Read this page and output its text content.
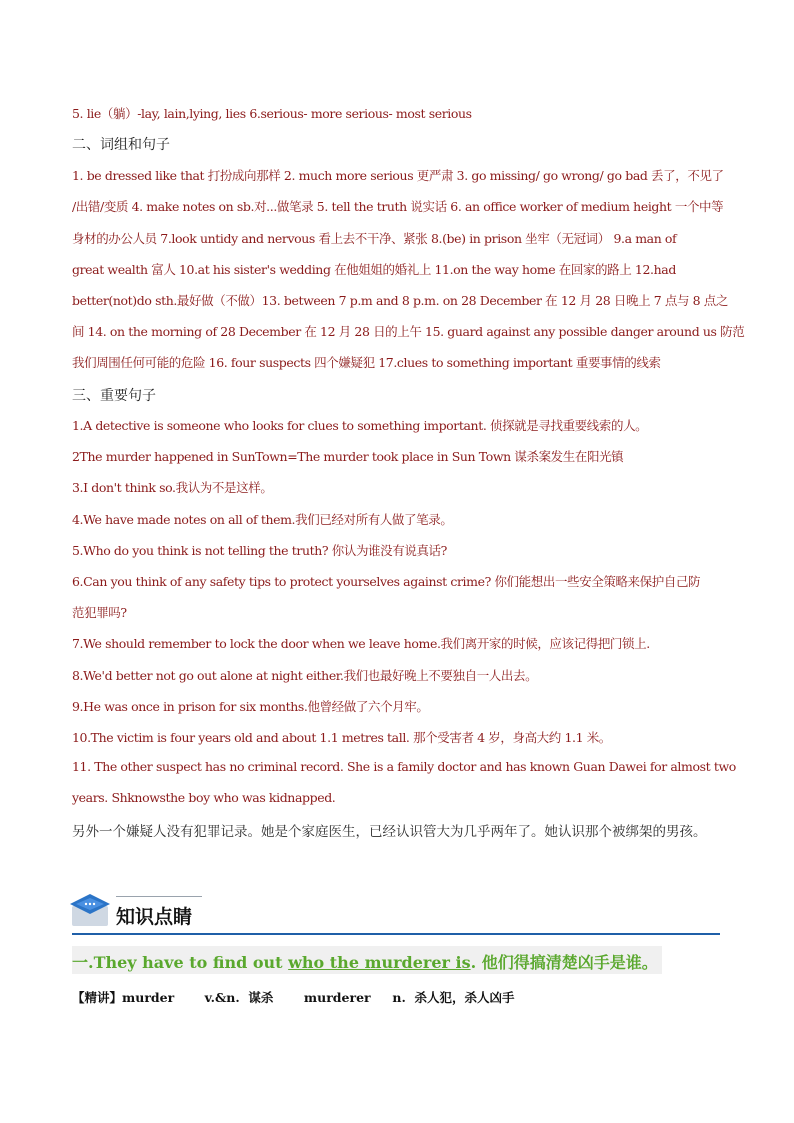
5. lie（躺）-lay, lain,lying, lies 6.serious- more serious- most serious
二、词组和句子
1. be dressed like that 打扮成向那样 2. much more serious 更严肃 3. go missing/ go wrong/ go bad 丢了，不见了
/出错/变质 4. make notes on sb.对...做笔录 5. tell the truth 说实话 6. an office worker of medium height 一个中等
身材的办公人员 7.look untidy and nervous 看上去不干净、紧张 8.(be) in prison 坐牢（无冠词） 9.a man of
great wealth 富人 10.at his sister's wedding 在他姐姐的婚礼上 11.on the way home 在回家的路上 12.had
better(not)do sth.最好做（不做）13. between 7 p.m and 8 p.m. on 28 December 在 12 月 28 日晚上 7 点与 8 点之
间 14. on the morning of 28 December 在 12 月 28 日的上午 15. guard against any possible danger around us 防范
我们周围任何可能的危险 16. four suspects 四个嫌疑犯 17.clues to something important 重要事情的线索
三、重要句子
1.A detective is someone who looks for clues to something important. 侦探就是寻找重要线索的人。
2The murder happened in SunTown=The murder took place in Sun Town 谋杀案发生在阳光镇
3.I don't think so.我认为不是这样。
4.We have made notes on all of them.我们已经对所有人做了笔录。
5.Who do you think is not telling the truth? 你认为谁没有说真话?
6.Can you think of any safety tips to protect yourselves against crime? 你们能想出一些安全策略来保护自己防
范犯罪吗?
7.We should remember to lock the door when we leave home.我们离开家的时候，应该记得把门锁上.
8.We'd better not go out alone at night either.我们也最好晚上不要独自一人出去。
9.He was once in prison for six months.他曾经做了六个月牢。
10.The victim is four years old and about 1.1 metres tall. 那个受害者 4 岁，身高大约 1.1 米。
11. The other suspect has no criminal record. She is a family doctor and has known Guan Dawei for almost two
years. Shknowsthe boy who was kidnapped.
另外一个嫌疑人没有犯罪记录。她是个家庭医生，已经认识管大为几乎两年了。她认识那个被绑架的男孩。
知识点睛
一.They have to find out who the murderer is. 他们得搞清楚凶手是谁。
【精讲】murder       v.&n.  谋杀       murderer     n.  杀人犯，杀人凶手
